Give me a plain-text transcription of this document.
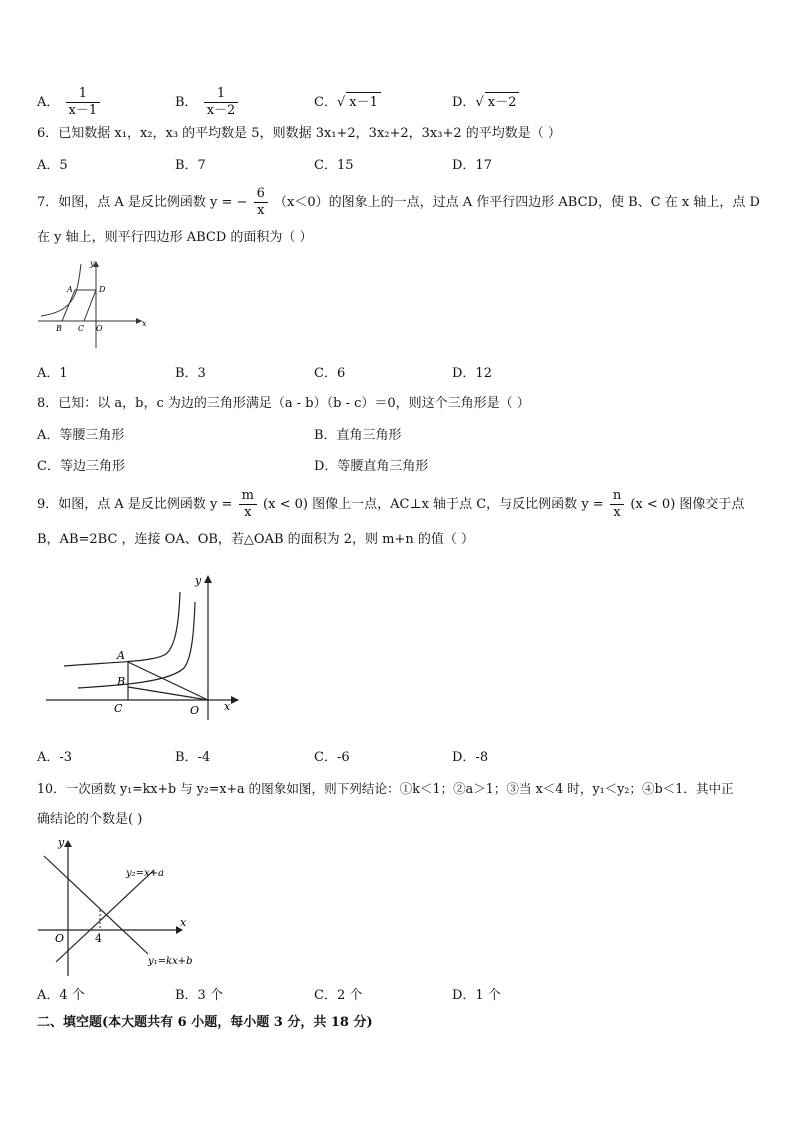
A． $\frac{1}{x-1}$	B． $\frac{1}{x-2}$	C．√ x－1	D．√ x－2
6．已知数据 x₁，x₂，x₃ 的平均数是 5，则数据 3x₁+2，3x₂+2，3x₃+2 的平均数是（ ）
A．5	B．7	C．15	D．17
7．如图，点 A 是反比例函数 y = − $\frac{6}{x} (x<0)$的图象上的一点，过点 A 作平行四边形 ABCD，使 B、C 在 x 轴上，点 D
在 y 轴上，则平行四边形 ABCD 的面积为（ ）
y
x
A	D
B C O
A．1	B．3	C．6	D．12
8．已知：以 a，b，c 为边的三角形满足（a - b）（b - c）＝0，则这个三角形是（ ）
A．等腰三角形	B．直角三角形
C．等边三角形	D．等腰直角三角形
9．如图，点 A 是反比例函数 $y = \frac{m}{x} (x < 0)$ 图像上一点，AC⊥x 轴于点 C，与反比例函数 $y = \frac{n}{x} (x < 0)$ 图像交于点
B，AB=2BC ，连接 OA、OB，若△OAB 的面积为 2，则 m+n 的值（ ）
y
x
A
B
C	O
A．-3	B．-4	C．-6	D．-8
10．一次函数 y₁=kx+b 与 y₂=x+a 的图象如图，则下列结论：①k＜1；②a＞1；③当 x＜4 时，y₁＜y₂；④b＜1．其中正
确结论的个数是( )
y
x
O	4
y₂=x+a
y₁=kx+b
A．4 个	B．3 个	C．2 个	D．1 个
二、填空题(本大题共有 6 小题，每小题 3 分，共 18 分)
